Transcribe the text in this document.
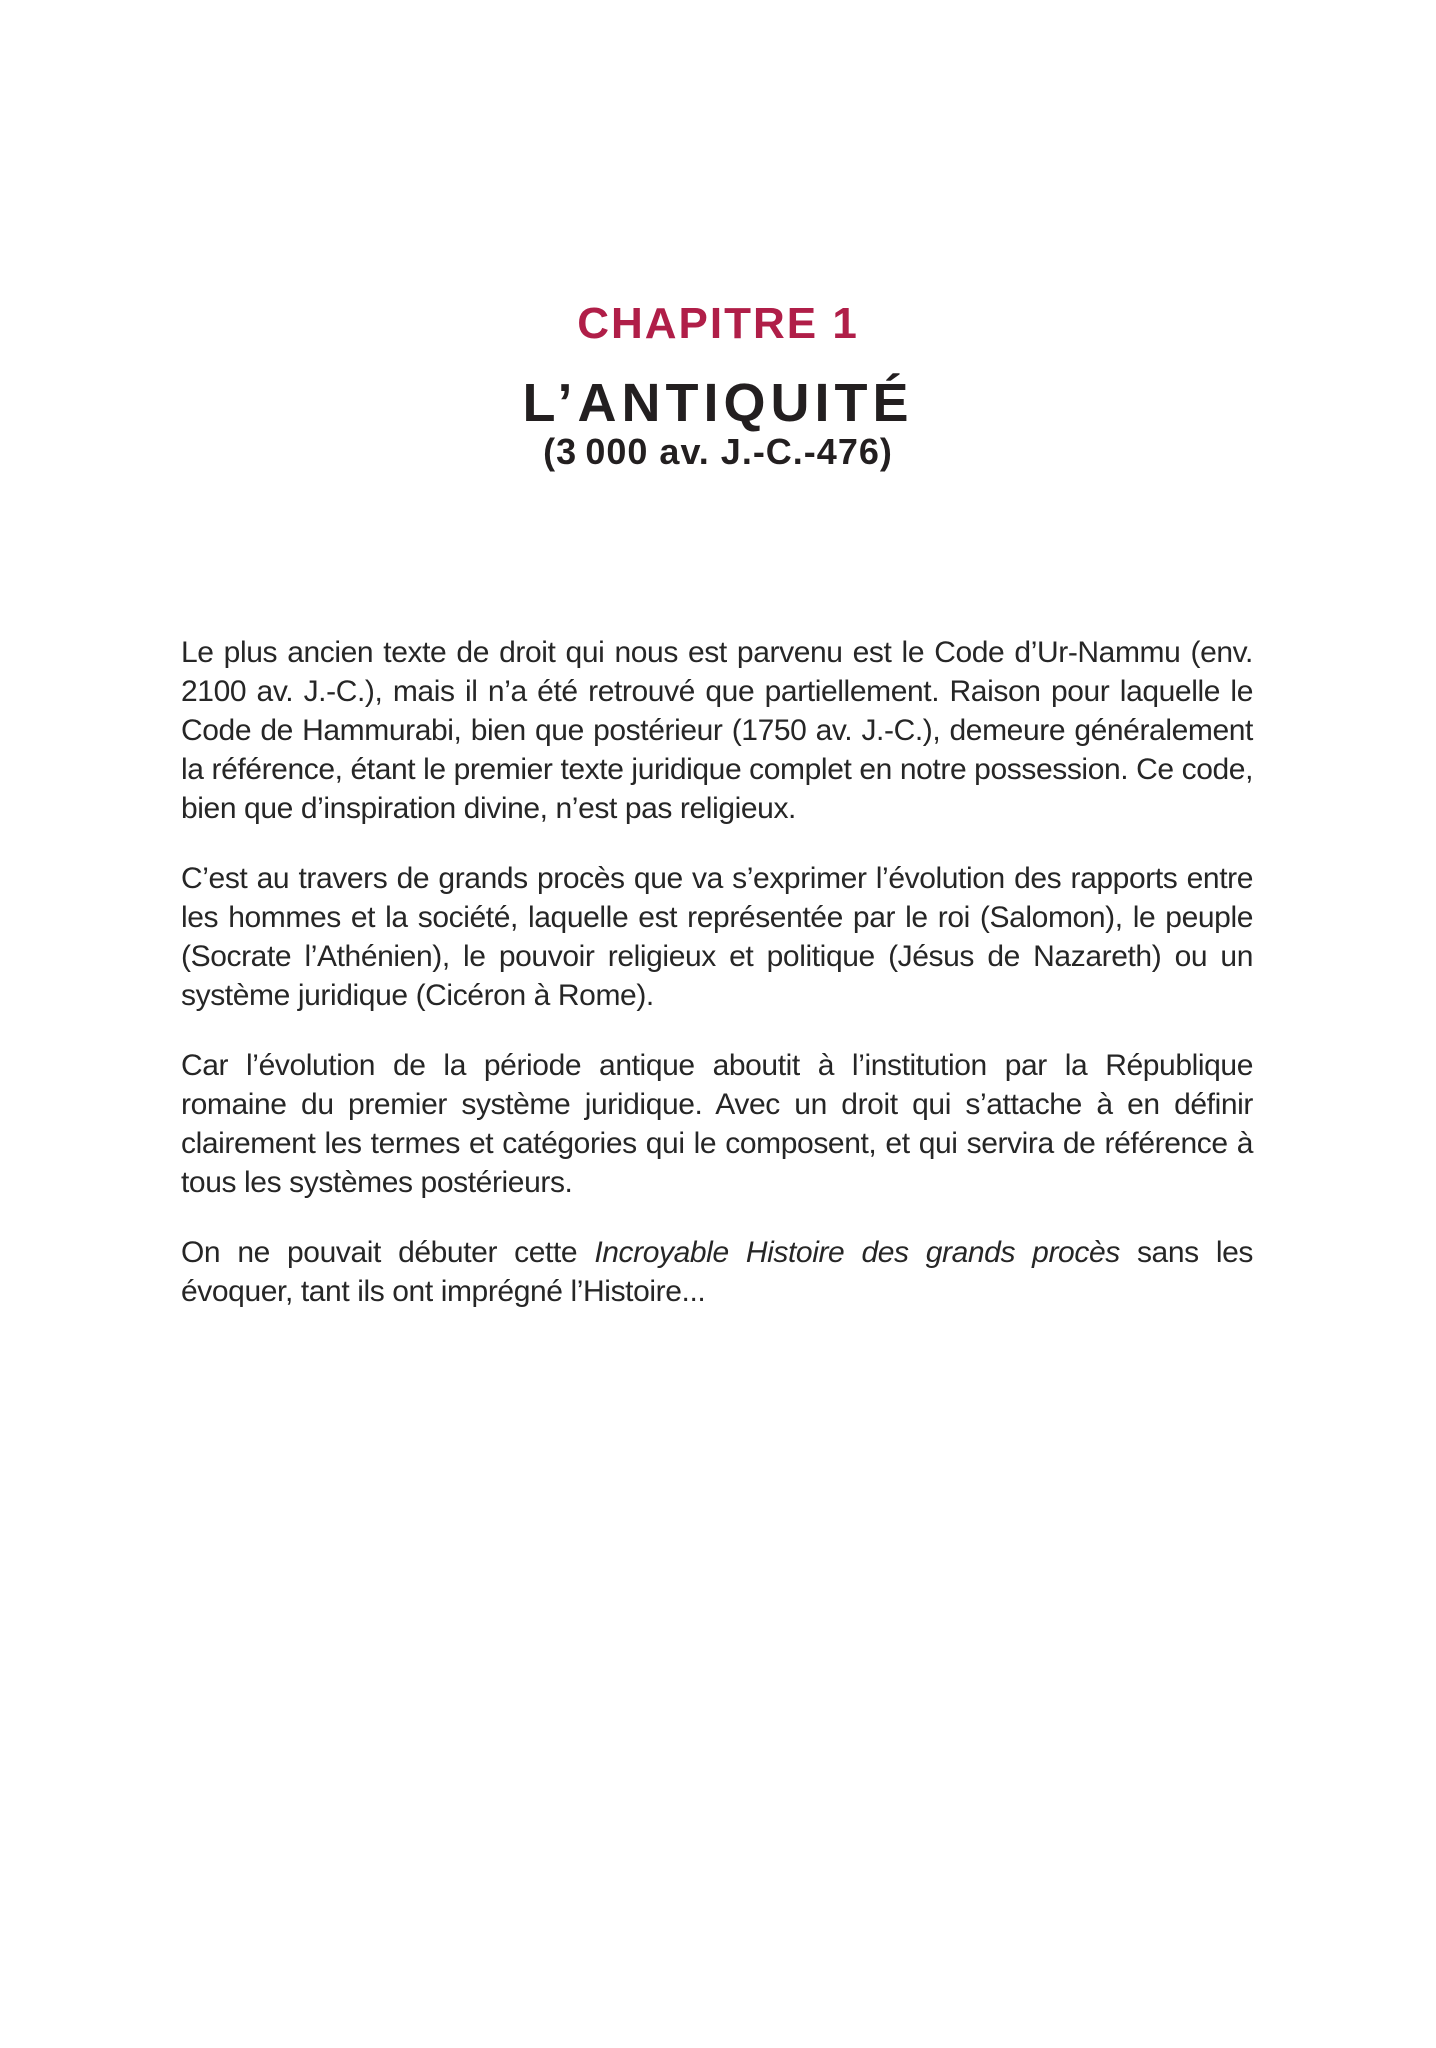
CHAPITRE 1
L’ANTIQUITÉ
(3 000 av. J.-C.-476)

Le plus ancien texte de droit qui nous est parvenu est le Code d’Ur-Nammu (env. 2100 av. J.-C.), mais il n’a été retrouvé que partiellement. Raison pour laquelle le Code de Hammurabi, bien que postérieur (1750 av. J.-C.), demeure généralement la référence, étant le premier texte juridique complet en notre possession. Ce code, bien que d’inspiration divine, n’est pas religieux.

C’est au travers de grands procès que va s’exprimer l’évolution des rapports entre les hommes et la société, laquelle est représentée par le roi (Salomon), le peuple (Socrate l’Athénien), le pouvoir religieux et politique (Jésus de Nazareth) ou un système juridique (Cicéron à Rome).

Car l’évolution de la période antique aboutit à l’institution par la République romaine du premier système juridique. Avec un droit qui s’attache à en définir clairement les termes et catégories qui le composent, et qui servira de référence à tous les systèmes postérieurs.

On ne pouvait débuter cette Incroyable Histoire des grands procès sans les évoquer, tant ils ont imprégné l’Histoire...
